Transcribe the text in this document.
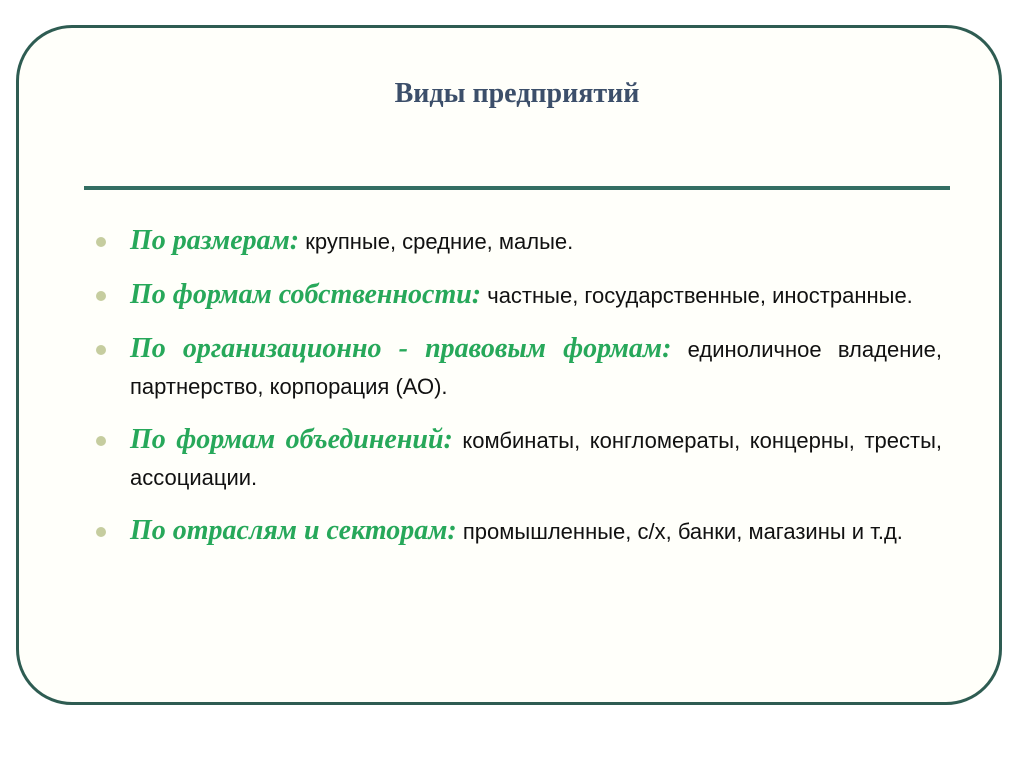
Виды предприятий
По размерам: крупные, средние, малые.
По формам собственности: частные, государственные, иностранные.
По организационно - правовым формам: единоличное владение, партнерство, корпорация (АО).
По формам объединений: комбинаты, конгломераты, концерны, тресты, ассоциации.
По отраслям и секторам: промышленные, с/х, банки, магазины и т.д.
